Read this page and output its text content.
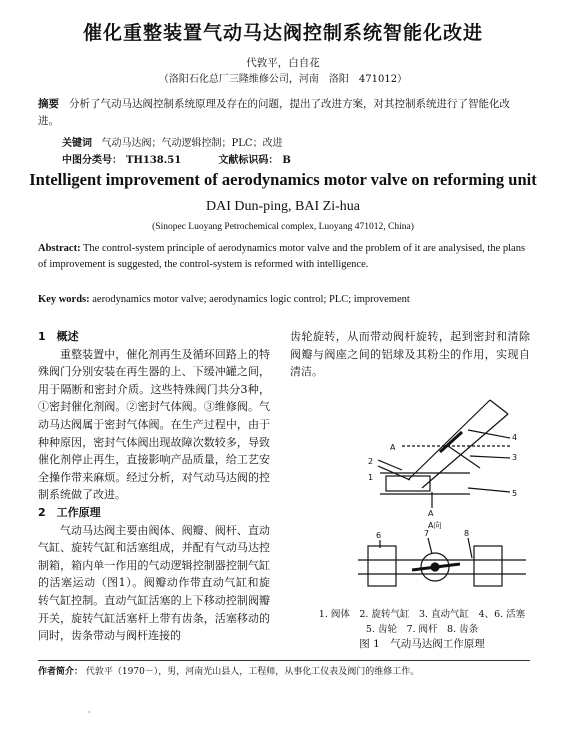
催化重整装置气动马达阀控制系统智能化改进
代敦平，白自花
（洛阳石化总厂三隆维修公司，河南　洛阳　471012）
摘要 分析了气动马达阀控制系统原理及存在的问题，提出了改进方案，对其控制系统进行了智能化改进。
关键词 气动马达阀；气动逻辑控制；PLC；改进
中图分类号： TH138.51	文献标识码： B
Intelligent improvement of aerodynamics motor valve on reforming unit
DAI Dun-ping, BAI Zi-hua
(Sinopec Luoyang Petrochemical complex, Luoyang 471012, China)
Abstract: The control-system principle of aerodynamics motor valve and the problem of it are analysised, the plans of improvement is suggested, the control-system is reformed with intelligence.
Key words: aerodynamics motor valve; aerodynamics logic control; PLC; improvement

1　概述

重整装置中，催化剂再生及循环回路上的特殊阀门分别安装在再生器的上、下缓冲罐之间，用于隔断和密封介质。这些特殊阀门共分3种，①密封催化剂阀。②密封气体阀。③维修阀。气动马达阀属于密封气体阀。在生产过程中，由于种种原因，密封气体阀出现故障次数较多，导致催化剂停止再生，直接影响产品质量，给工艺安全操作带来麻烦。经过分析，对气动马达阀的控制系统做了改进。

2　工作原理

气动马达阀主要由阀体、阀瓣、阀杆、直动气缸、旋转气缸和活塞组成，并配有气动马达控制箱，箱内单一作用的气动逻辑控制器控制气缸的活塞运动（图1）。阀瓣动作带直动气缸和旋转气缸控制。直动气缸活塞的上下移动控制阀瓣开关，旋转气缸活塞杆上带有齿条，活塞移动的同时，齿条带动与阀杆连接的

齿轮旋转，从而带动阀杆旋转，起到密封和清除阀瓣与阀座之间的铝球及其粉尘的作用，实现自清洁。

A
4
2	3
1
5
A
A向
6	7	8
1. 阀体　2. 旋转气缸　3. 直动气缸　4、6. 活塞
5. 齿轮　7. 阀杆　8. 齿条
图 1　气动马达阀工作原理
作者简介： 代敦平（1970－），男，河南光山县人，工程师，从事化工仪表及阀门的维修工作。
·
